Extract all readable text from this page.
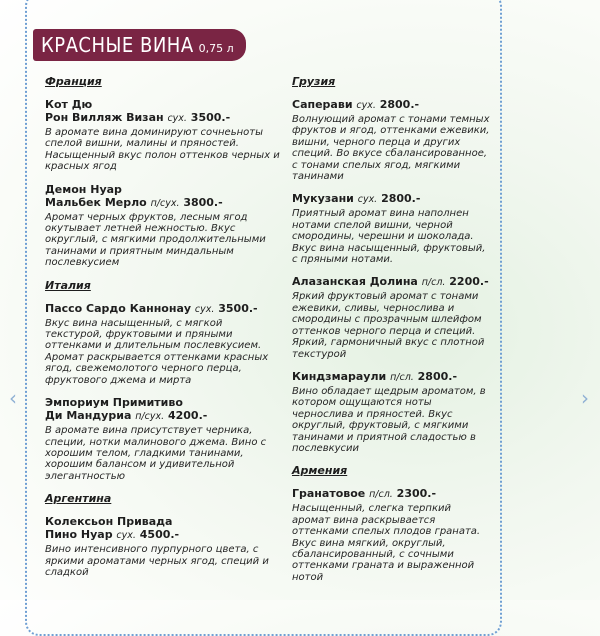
‹	›
КРАСНЫЕ ВИНА 0,75 л
Франция
Кот Дю
Рон Вилляж Визан сух. 3500.-
В аромате вина доминируют сочнеьноты спелой вишни, малины и пряностей. Насыщенный вкус полон оттенков черных и красных ягод
Демон Нуар
Мальбек Мерло п/сух. 3800.-
Аромат черных фруктов, лесным ягод окутывает летней нежностью. Вкус округлый, с мягкими продолжительными танинами и приятным миндальным послевкусием
Италия
Пассо Сардо Каннонау сух. 3500.-
Вкус вина насыщенный, с мягкой текстурой, фруктовыми и пряными оттенками и длительным послевкусием. Аромат раскрывается оттенками красных ягод, свежемолотого черного перца, фруктового джема и мирта
Эмпориум Примитиво
Ди Мандуриа п/сух. 4200.-
В аромате вина присутствует черника, специи, нотки малинового джема. Вино с хорошим телом, гладкими танинами, хорошим балансом и удивительной элегантностью
Аргентина
Колексьон Привада
Пино Нуар сух. 4500.-
Вино интенсивного пурпурного цвета, с яркими ароматами черных ягод, специй и сладкой
Грузия
Саперави сух. 2800.-
Волнующий аромат с тонами темных фруктов и ягод, оттенками ежевики, вишни, черного перца и других специй. Во вкусе сбалансированное, с тонами спелых ягод, мягкими танинами
Мукузани сух. 2800.-
Приятный аромат вина наполнен нотами спелой вишни, черной смородины, черешни и шоколада. Вкус вина насыщенный, фруктовый, с пряными нотами.
Алазанская Долина п/сл. 2200.-
Яркий фруктовый аромат с тонами ежевики, сливы, чернослива и смородины с прозрачным шлейфом оттенков черного перца и специй. Яркий, гармоничный вкус с плотной текстурой
Киндзмараули п/сл. 2800.-
Вино обладает щедрым ароматом, в котором ощущаются ноты чернослива и пряностей. Вкус округлый, фруктовый, с мягкими танинами и приятной сладостью в послевкусии
Армения
Гранатовое п/сл. 2300.-
Насыщенный, слегка терпкий аромат вина раскрывается оттенками спелых плодов граната. Вкус вина мягкий, округлый, сбалансированный, с сочными оттенками граната и выраженной нотой
